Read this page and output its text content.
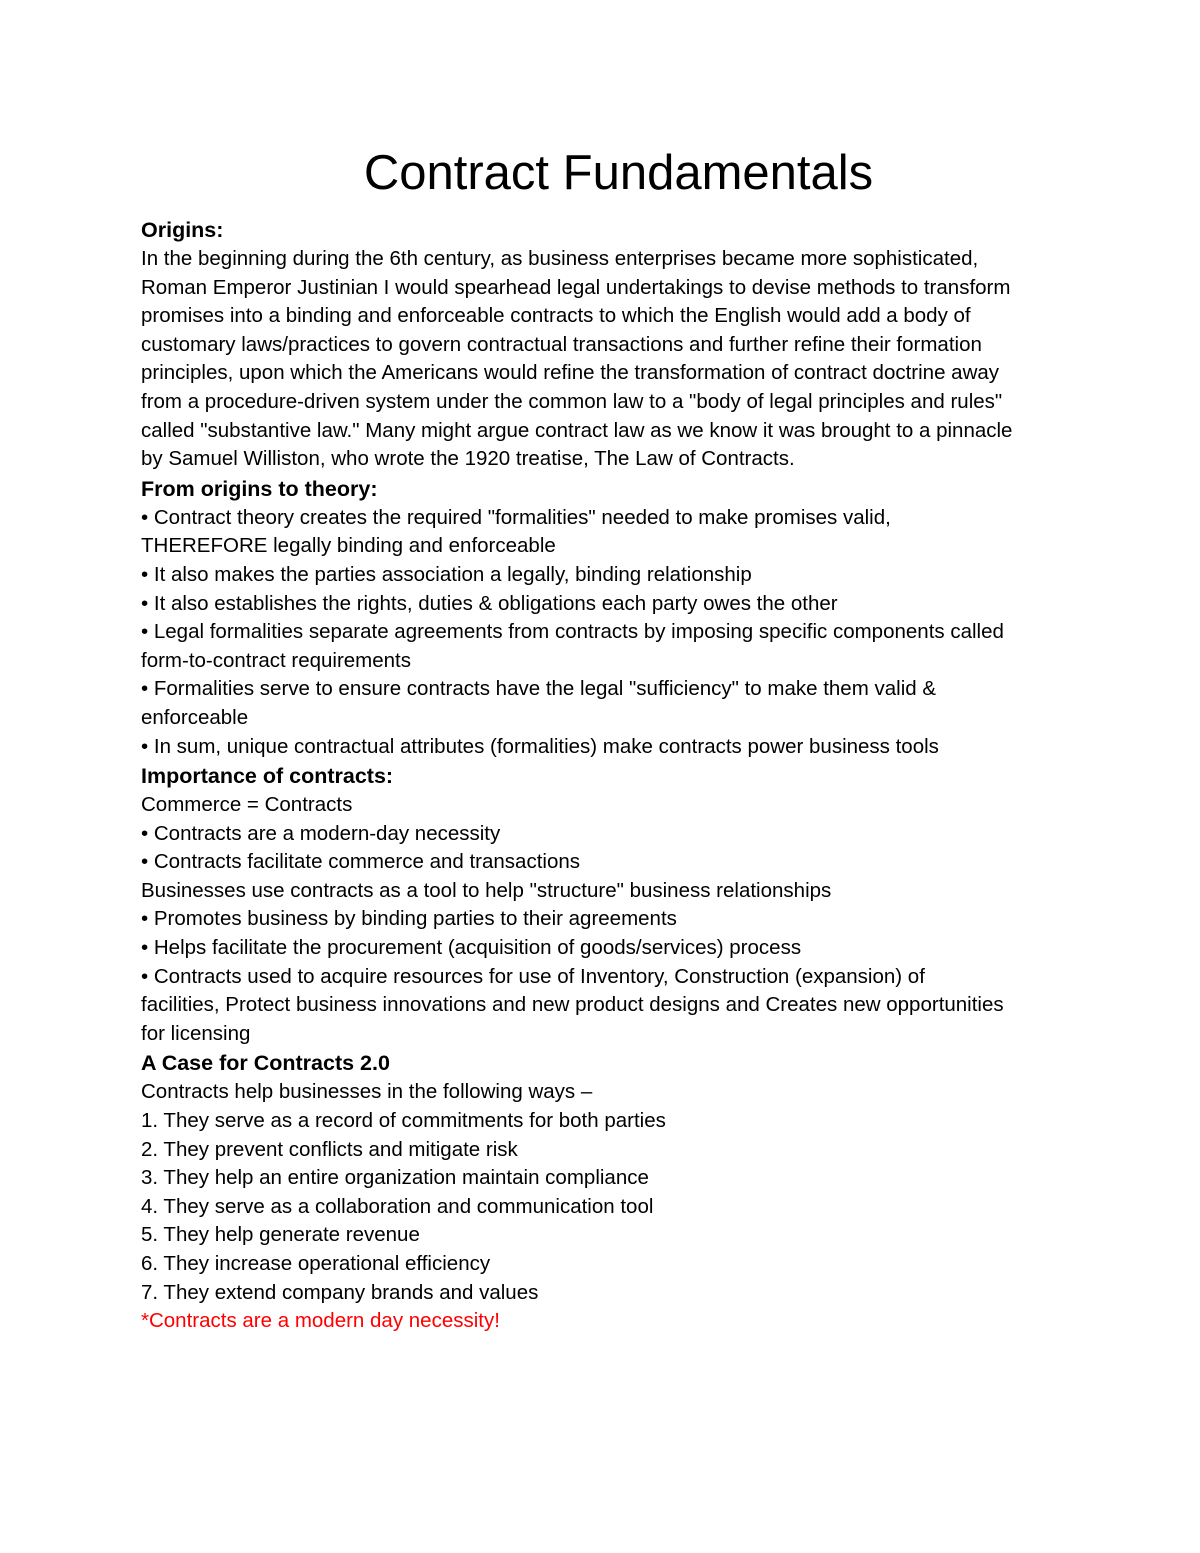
Contract Fundamentals

Origins:

In the beginning during the 6th century, as business enterprises became more sophisticated,

Roman Emperor Justinian I would spearhead legal undertakings to devise methods to transform

promises into a binding and enforceable contracts to which the English would add a body of

customary laws/practices to govern contractual transactions and further refine their formation

principles, upon which the Americans would refine the transformation of contract doctrine away

from a procedure-driven system under the common law to a "body of legal principles and rules"

called "substantive law." Many might argue contract law as we know it was brought to a pinnacle

by Samuel Williston, who wrote the 1920 treatise, The Law of Contracts.

From origins to theory:

• Contract theory creates the required "formalities" needed to make promises valid,

THEREFORE legally binding and enforceable

• It also makes the parties association a legally, binding relationship

• It also establishes the rights, duties & obligations each party owes the other

• Legal formalities separate agreements from contracts by imposing specific components called

form-to-contract requirements

• Formalities serve to ensure contracts have the legal "sufficiency" to make them valid &

enforceable

• In sum, unique contractual attributes (formalities) make contracts power business tools

Importance of contracts:

Commerce = Contracts

• Contracts are a modern-day necessity

• Contracts facilitate commerce and transactions

Businesses use contracts as a tool to help "structure" business relationships

• Promotes business by binding parties to their agreements

• Helps facilitate the procurement (acquisition of goods/services) process

• Contracts used to acquire resources for use of Inventory, Construction (expansion) of

facilities, Protect business innovations and new product designs and Creates new opportunities

for licensing

A Case for Contracts 2.0

Contracts help businesses in the following ways –

1. They serve as a record of commitments for both parties

2. They prevent conflicts and mitigate risk

3. They help an entire organization maintain compliance

4. They serve as a collaboration and communication tool

5. They help generate revenue

6. They increase operational efficiency

7. They extend company brands and values

*Contracts are a modern day necessity!
